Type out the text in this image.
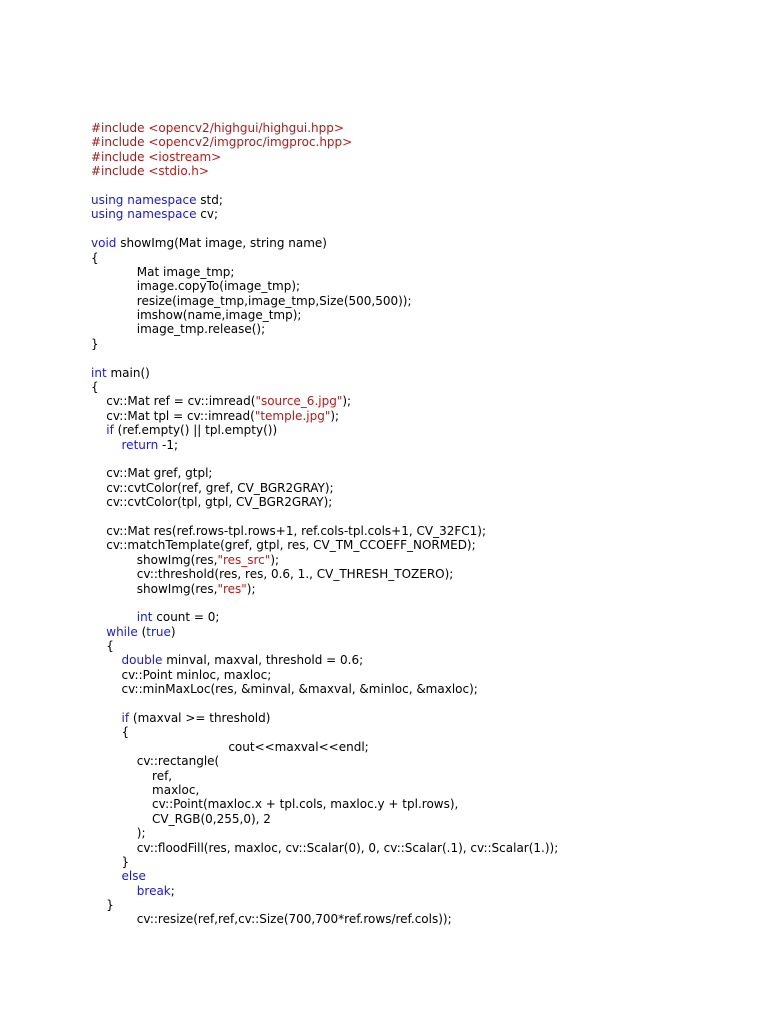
#include <opencv2/highgui/highgui.hpp>
#include <opencv2/imgproc/imgproc.hpp>
#include <iostream>
#include <stdio.h>
using namespace std;
using namespace cv;
void showImg(Mat image, string name)
{
Mat image_tmp;
image.copyTo(image_tmp);
resize(image_tmp,image_tmp,Size(500,500));
imshow(name,image_tmp);
image_tmp.release();
}
int main()
{
cv::Mat ref = cv::imread("source_6.jpg");
cv::Mat tpl = cv::imread("temple.jpg");
if (ref.empty() || tpl.empty())
return -1;
cv::Mat gref, gtpl;
cv::cvtColor(ref, gref, CV_BGR2GRAY);
cv::cvtColor(tpl, gtpl, CV_BGR2GRAY);
cv::Mat res(ref.rows-tpl.rows+1, ref.cols-tpl.cols+1, CV_32FC1);
cv::matchTemplate(gref, gtpl, res, CV_TM_CCOEFF_NORMED);
showImg(res,"res_src");
cv::threshold(res, res, 0.6, 1., CV_THRESH_TOZERO);
showImg(res,"res");
int count = 0;
while (true)
{
double minval, maxval, threshold = 0.6;
cv::Point minloc, maxloc;
cv::minMaxLoc(res, &minval, &maxval, &minloc, &maxloc);
if (maxval >= threshold)
{
cout<<maxval<<endl;
cv::rectangle(
ref,
maxloc,
cv::Point(maxloc.x + tpl.cols, maxloc.y + tpl.rows),
CV_RGB(0,255,0), 2
);
cv::floodFill(res, maxloc, cv::Scalar(0), 0, cv::Scalar(.1), cv::Scalar(1.));
}
else
break;
}
cv::resize(ref,ref,cv::Size(700,700*ref.rows/ref.cols));
